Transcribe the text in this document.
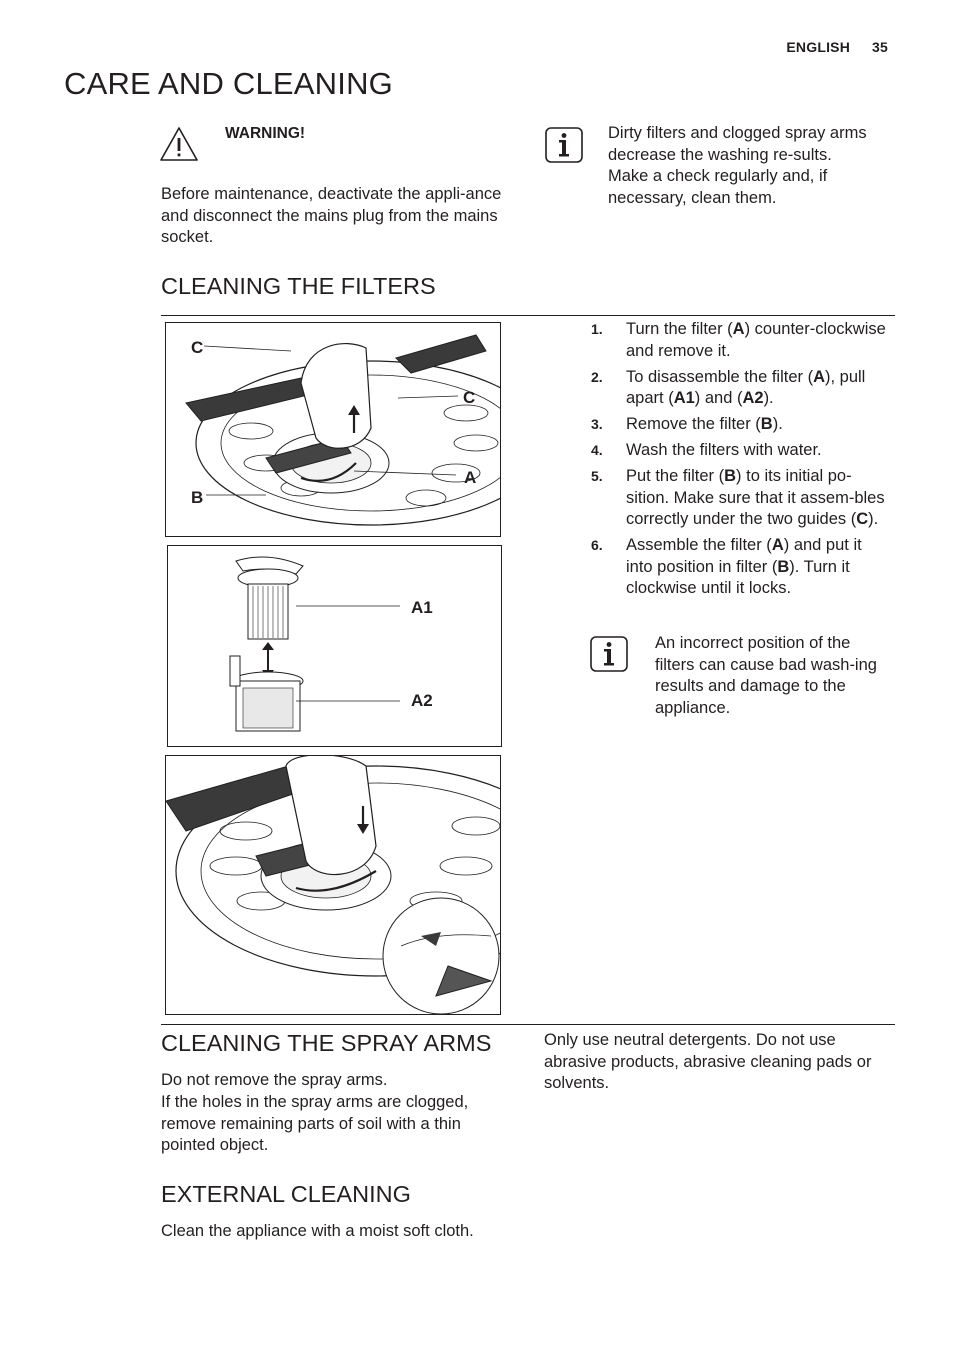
ENGLISH 35
CARE AND CLEANING
WARNING!

Before maintenance, deactivate the appli-ance and disconnect the mains plug from the mains socket.

Dirty filters and clogged spray arms decrease the washing re-sults. Make a check regularly and, if necessary, clean them.

CLEANING THE FILTERS
C
C
A
B
A1
A2
1. Turn the filter (A) counter-clockwise and remove it.
2. To disassemble the filter (A), pull apart (A1) and (A2).
3. Remove the filter (B).
4. Wash the filters with water.
5. Put the filter (B) to its initial po-sition. Make sure that it assem-bles correctly under the two guides (C).
6. Assemble the filter (A) and put it into position in filter (B). Turn it clockwise until it locks.

An incorrect position of the filters can cause bad wash-ing results and damage to the appliance.

CLEANING THE SPRAY ARMS

Do not remove the spray arms.

If the holes in the spray arms are clogged, remove remaining parts of soil with a thin pointed object.

Only use neutral detergents. Do not use abrasive products, abrasive cleaning pads or solvents.

EXTERNAL CLEANING

Clean the appliance with a moist soft cloth.
